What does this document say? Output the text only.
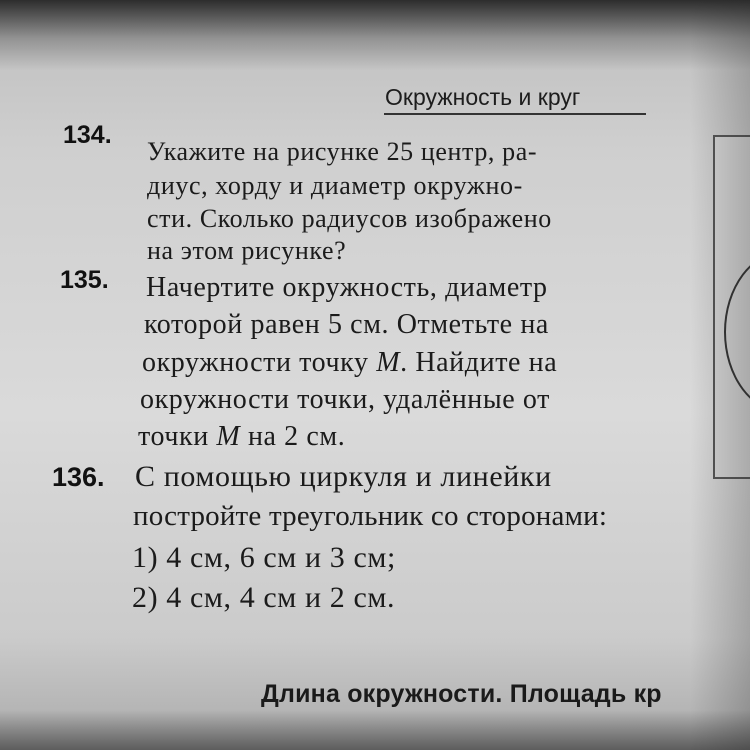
Окружность и круг
134.
Укажите на рисунке 25 центр, ра-
диус, хорду и диаметр окружно-
сти. Сколько радиусов изображено
на этом рисунке?
135. Начертите окружность, диаметр
которой равен 5 см. Отметьте на
окружности точку M. Найдите на
окружности точки, удалённые от
точки M на 2 см.
136. С помощью циркуля и линейки
постройте треугольник со сторонами:
1) 4 см, 6 см и 3 см;
2) 4 см, 4 см и 2 см.
Длина окружности. Площадь кр
